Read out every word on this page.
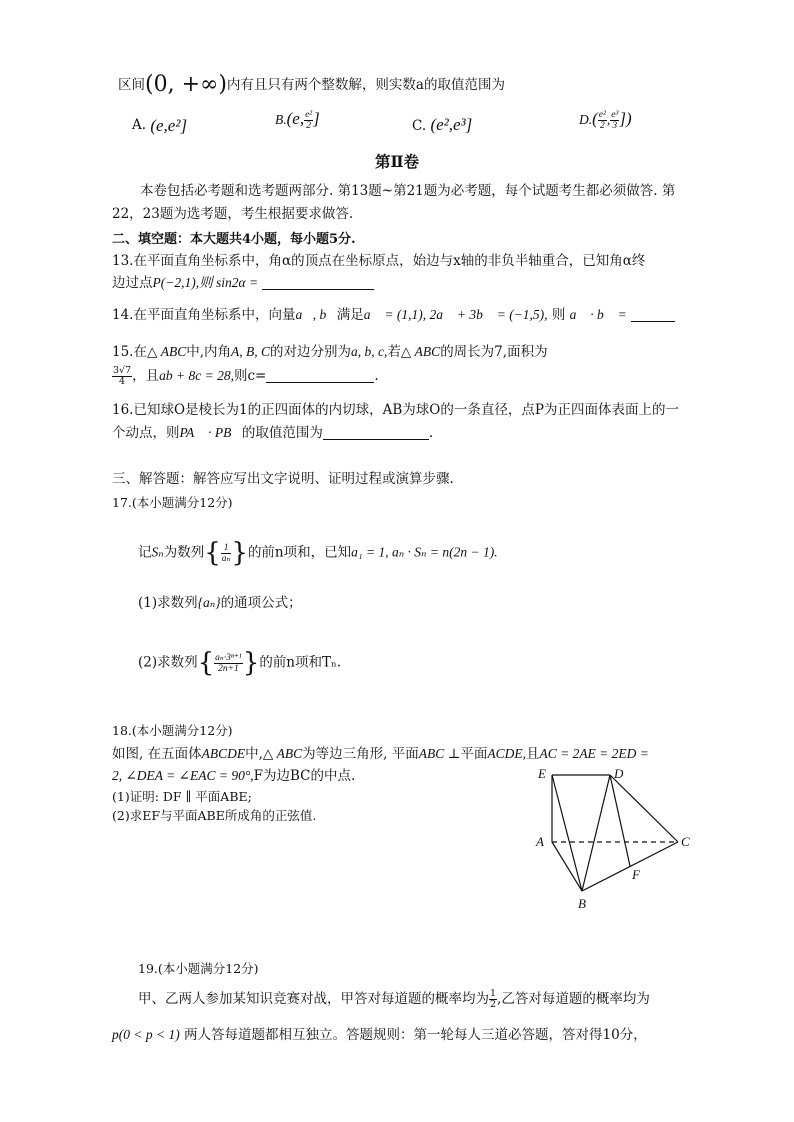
区间(0, +∞)内有且只有两个整数解，则实数a的取值范围为
A. (e,e²]	B.(e, $\frac{\text{e²}}{2}$ ]	C. (e²,e³]	$D.( \frac{\text{e²}}{2}$ , $\frac{\text{e³}}{3}$ ])
第Ⅱ卷
本卷包括必考题和选考题两部分. 第13题~第21题为必考题，每个试题考生都必须做答. 第
22，23题为选考题，考生根据要求做答.
二、填空题：本大题共4小题，每小题5分.
13.在平面直角坐标系中，角α的顶点在坐标原点，始边与x轴的非负半轴重合，已知角α终
边过点P(−2,1),则 sin2α =
14.在平面直角坐标系中，向量a⃗, b⃗满足a⃗ = (1,1), 2a⃗ + 3b⃗ = (−1,5), 则 a⃗ · b⃗ =
15.在△ ABC中,内角A, B, C的对边分别为a, b, c,若△ ABC的周长为7,面积为
$\frac{3√7}{4}$ ，且ab + 8c = 28,则c=	.
16.已知球O是棱长为1的正四面体的内切球，AB为球O的一条直径，点P为正四面体表面上的一
个动点，则PA⃗ · PB⃗的取值范围为	.
三、解答题：解答应写出文字说明、证明过程或演算步骤.
17.(本小题满分12分)
记Sₙ为数列{ $\frac{1}{\text{aₙ}}$ }的前n项和，已知a₁ = 1, aₙ · Sₙ = n(2n − 1).
(1)求数列{aₙ}的通项公式；
(2)求数列{ $\frac{\text{aₙ·3ⁿ⁺¹}}{2n+1}$ }的前n项和Tₙ.
18.(本小题满分12分)
如图, 在五面体ABCDE中,△ ABC为等边三角形, 平面ABC ⊥平面ACDE,且AC = 2AE = 2ED =
2, ∠DEA = ∠EAC = 90°,F为边BC的中点.
(1)证明: DF ∥ 平面ABE;
(2)求EF与平面ABE所成角的正弦值.
E	D
A	C
F
B
19.(本小题满分12分)
甲、乙两人参加某知识竞赛对战，甲答对每道题的概率均为 $\frac{1}{2}$ ,乙答对每道题的概率均为
p(0 < p < 1) 两人答每道题都相互独立。答题规则：第一轮每人三道必答题，答对得10分，
